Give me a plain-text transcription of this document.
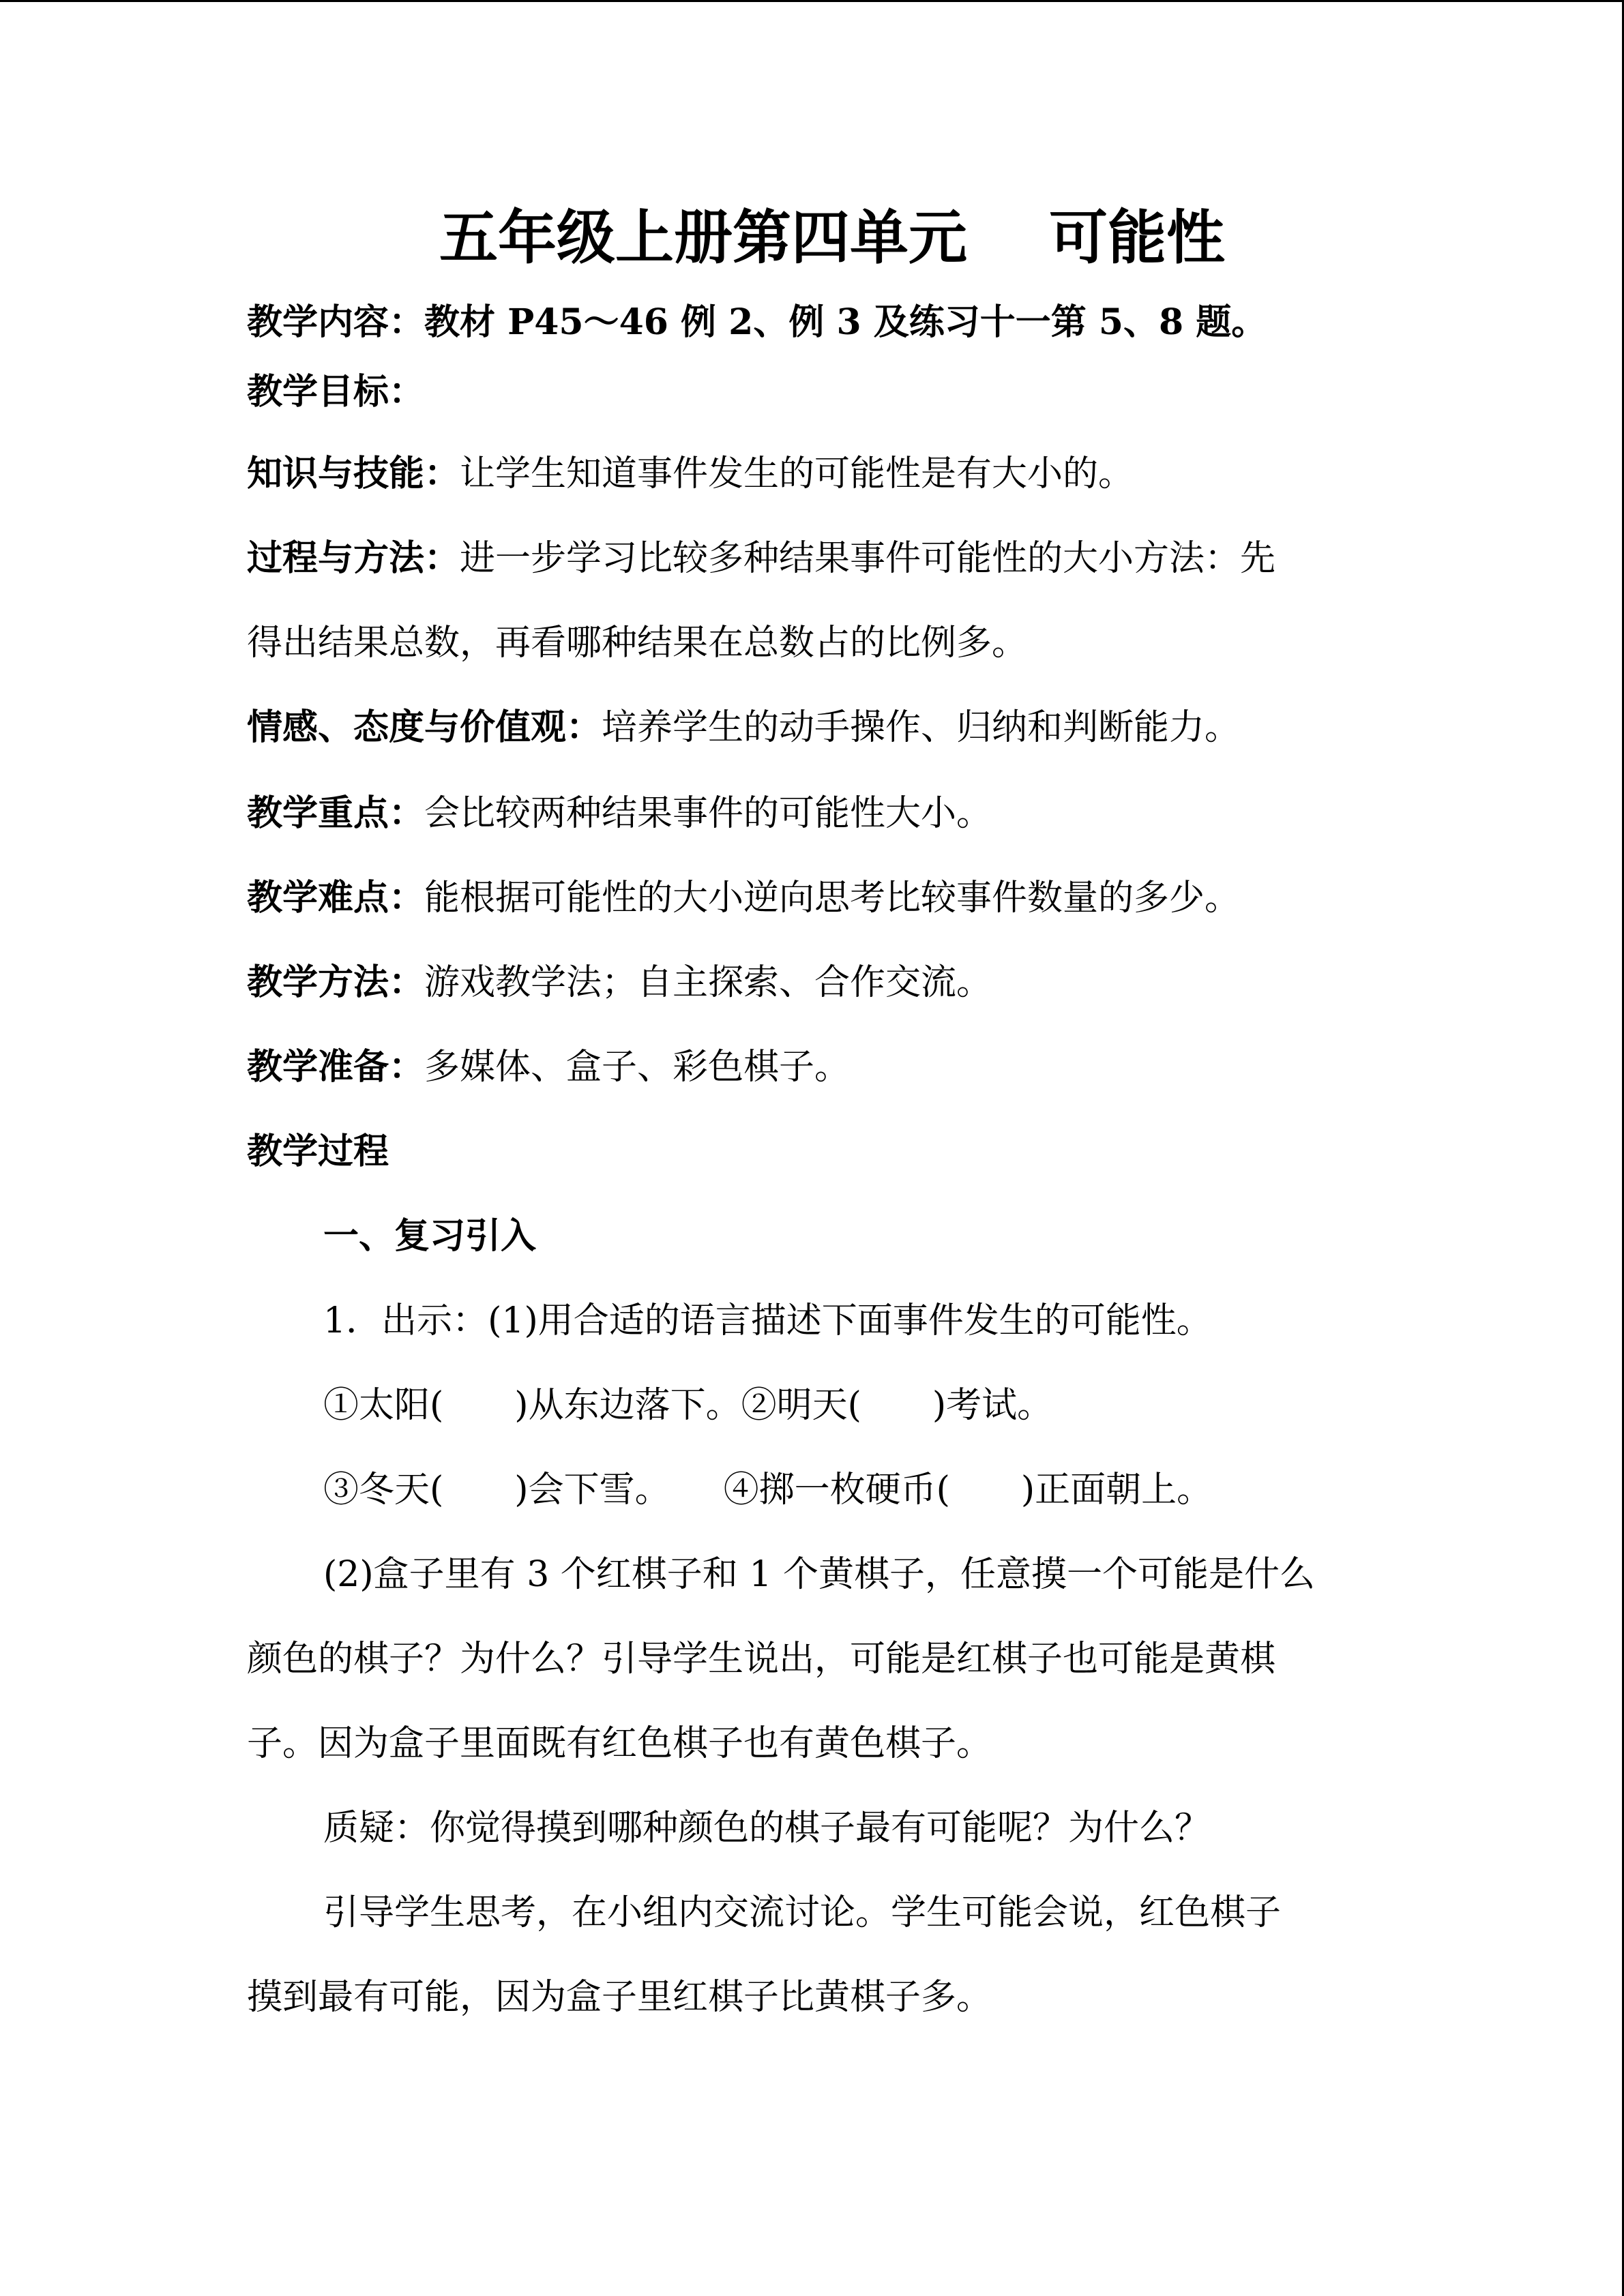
五年级上册第四单元 可能性
教学内容：教材 P45～46 例 2、例 3 及练习十一第 5、8 题。
教学目标：
知识与技能：让学生知道事件发生的可能性是有大小的。
过程与方法：进一步学习比较多种结果事件可能性的大小方法：先
得出结果总数，再看哪种结果在总数占的比例多。
情感、态度与价值观：培养学生的动手操作、归纳和判断能力。
教学重点：会比较两种结果事件的可能性大小。
教学难点：能根据可能性的大小逆向思考比较事件数量的多少。
教学方法：游戏教学法；自主探索、合作交流。
教学准备：多媒体、盒子、彩色棋子。
教学过程
一、复习引入
1．出示：(1)用合适的语言描述下面事件发生的可能性。
①太阳(　　)从东边落下。②明天(　　)考试。
③冬天(　　)会下雪。　　④掷一枚硬币(　　)正面朝上。
(2)盒子里有 3 个红棋子和 1 个黄棋子，任意摸一个可能是什么
颜色的棋子？为什么？引导学生说出，可能是红棋子也可能是黄棋
子。因为盒子里面既有红色棋子也有黄色棋子。
质疑：你觉得摸到哪种颜色的棋子最有可能呢？为什么？
引导学生思考，在小组内交流讨论。学生可能会说，红色棋子
摸到最有可能，因为盒子里红棋子比黄棋子多。
